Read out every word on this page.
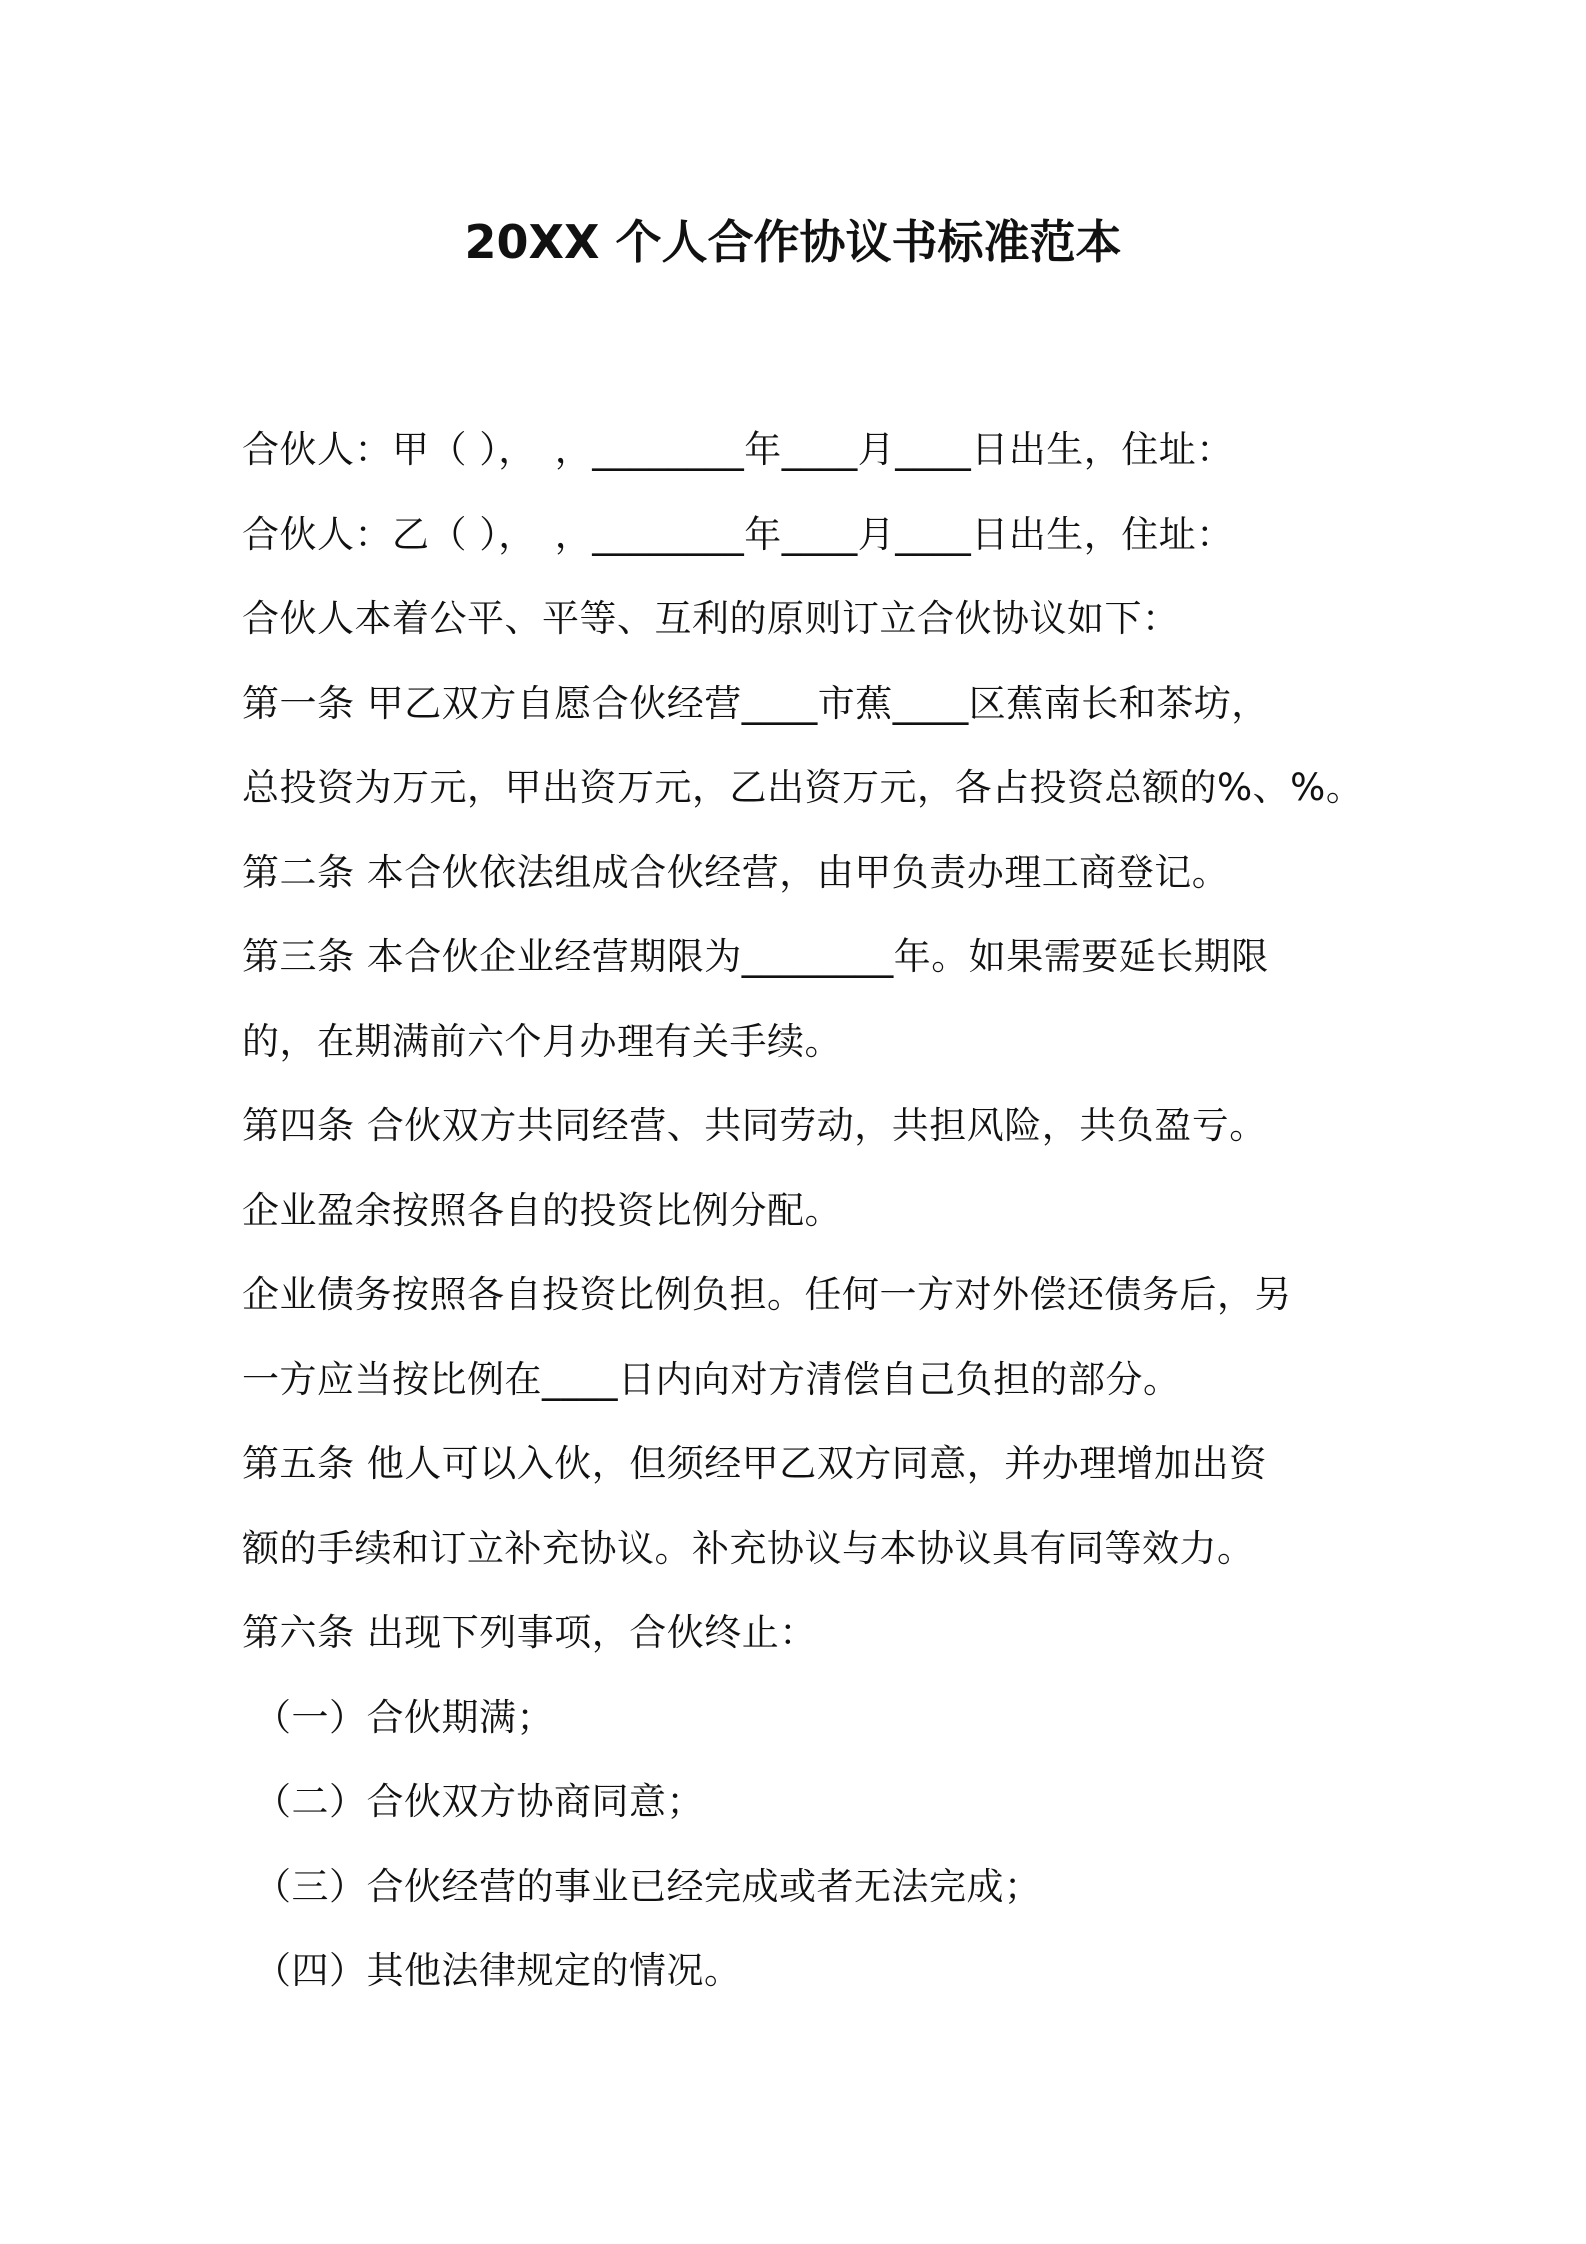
20XX 个人合作协议书标准范本
合伙人：甲（ ），　，________年____月____日出生，住址：
合伙人：乙（ ），　，________年____月____日出生，住址：
合伙人本着公平、平等、互利的原则订立合伙协议如下：
第一条 甲乙双方自愿合伙经营____市蕉____区蕉南长和茶坊，
总投资为万元，甲出资万元，乙出资万元，各占投资总额的%、%。
第二条 本合伙依法组成合伙经营，由甲负责办理工商登记。
第三条 本合伙企业经营期限为________年。如果需要延长期限
的，在期满前六个月办理有关手续。
第四条 合伙双方共同经营、共同劳动，共担风险，共负盈亏。
企业盈余按照各自的投资比例分配。
企业债务按照各自投资比例负担。任何一方对外偿还债务后，另
一方应当按比例在____日内向对方清偿自己负担的部分。
第五条 他人可以入伙，但须经甲乙双方同意，并办理增加出资
额的手续和订立补充协议。补充协议与本协议具有同等效力。
第六条 出现下列事项，合伙终止：
（一）合伙期满；
（二）合伙双方协商同意；
（三）合伙经营的事业已经完成或者无法完成；
（四）其他法律规定的情况。
